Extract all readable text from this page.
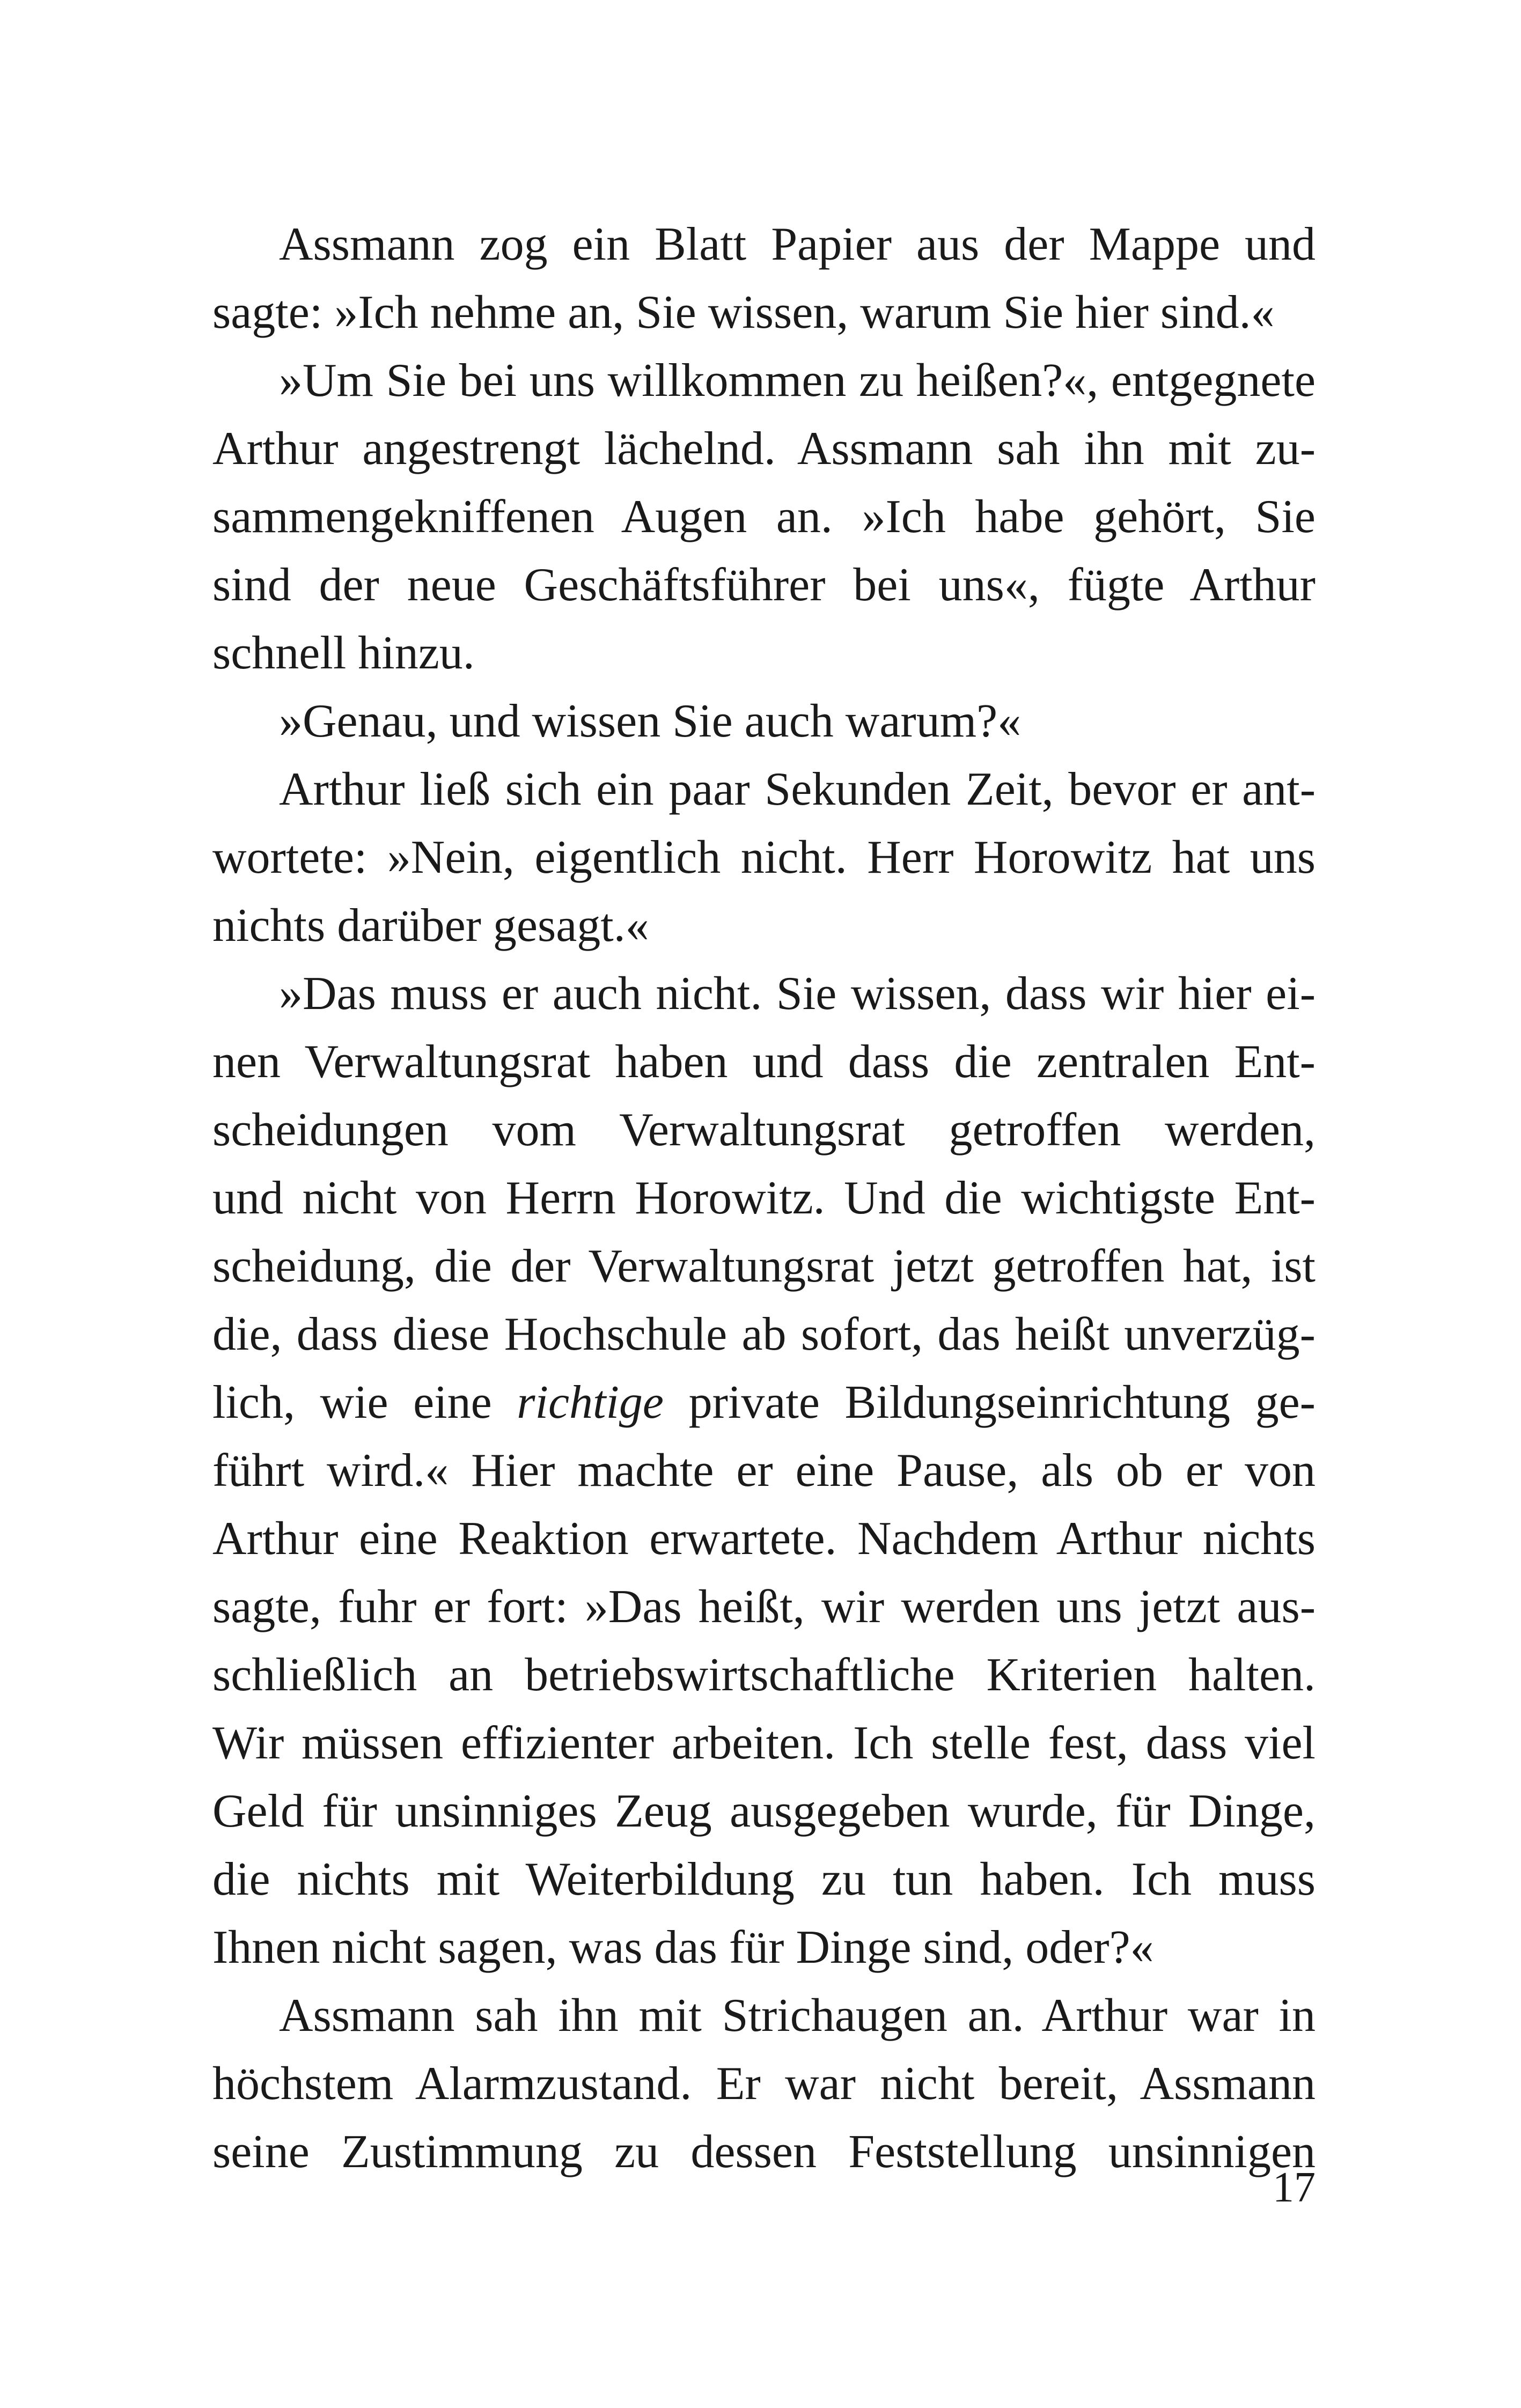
Assmann zog ein Blatt Papier aus der Mappe und
sagte: »Ich nehme an, Sie wissen, warum Sie hier sind.«
»Um Sie bei uns willkommen zu heißen?«, entgegnete
Arthur angestrengt lächelnd. Assmann sah ihn mit zu-
sammengekniffenen Augen an. »Ich habe gehört, Sie
sind der neue Geschäftsführer bei uns«, fügte Arthur
schnell hinzu.
»Genau, und wissen Sie auch warum?«
Arthur ließ sich ein paar Sekunden Zeit, bevor er ant-
wortete: »Nein, eigentlich nicht. Herr Horowitz hat uns
nichts darüber gesagt.«
»Das muss er auch nicht. Sie wissen, dass wir hier ei-
nen Verwaltungsrat haben und dass die zentralen Ent-
scheidungen vom Verwaltungsrat getroffen werden,
und nicht von Herrn Horowitz. Und die wichtigste Ent-
scheidung, die der Verwaltungsrat jetzt getroffen hat, ist
die, dass diese Hochschule ab sofort, das heißt unverzüg-
lich, wie eine richtige private Bildungseinrichtung ge-
führt wird.« Hier machte er eine Pause, als ob er von
Arthur eine Reaktion erwartete. Nachdem Arthur nichts
sagte, fuhr er fort: »Das heißt, wir werden uns jetzt aus-
schließlich an betriebswirtschaftliche Kriterien halten.
Wir müssen effizienter arbeiten. Ich stelle fest, dass viel
Geld für unsinniges Zeug ausgegeben wurde, für Dinge,
die nichts mit Weiterbildung zu tun haben. Ich muss
Ihnen nicht sagen, was das für Dinge sind, oder?«
Assmann sah ihn mit Strichaugen an. Arthur war in
höchstem Alarmzustand. Er war nicht bereit, Assmann
seine Zustimmung zu dessen Feststellung unsinnigen
17
